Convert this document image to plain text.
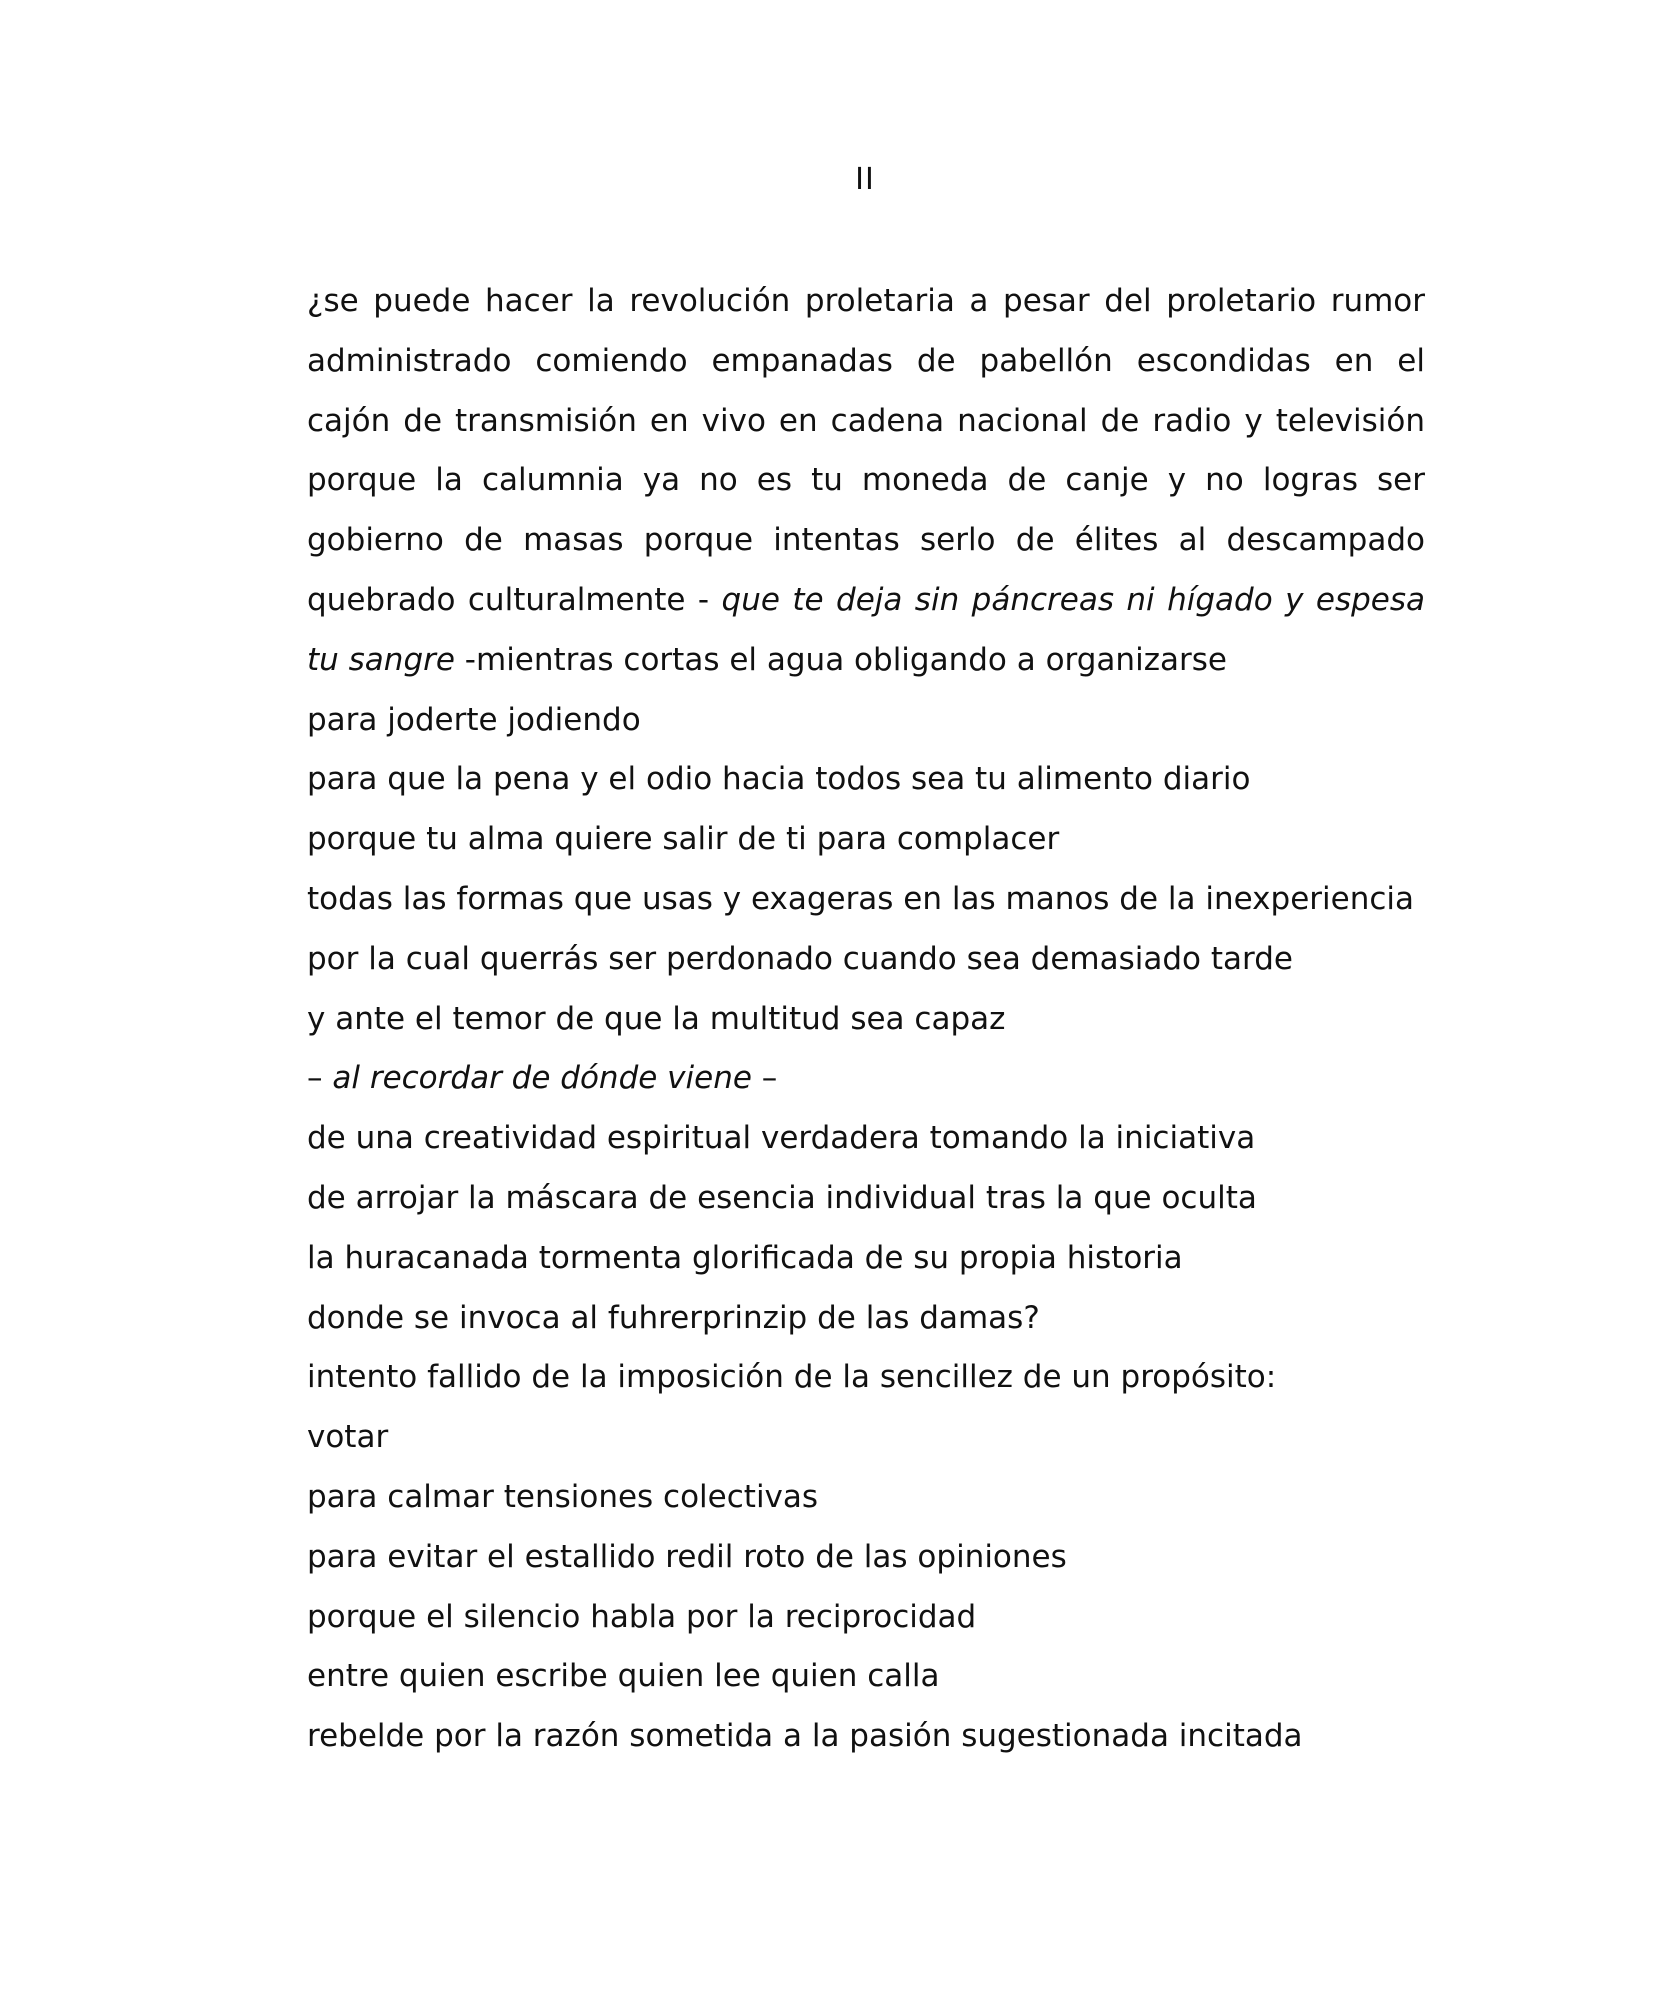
II
¿se puede hacer la revolución proletaria a pesar del proletario rumor
administrado comiendo empanadas de pabellón escondidas en el
cajón de transmisión en vivo en cadena nacional de radio y televisión
porque la calumnia ya no es tu moneda de canje y no logras ser
gobierno de masas porque intentas serlo de élites al descampado
quebrado culturalmente - que te deja sin páncreas ni hígado y espesa
tu sangre -mientras cortas el agua obligando a organizarse
para joderte jodiendo
para que la pena y el odio hacia todos sea tu alimento diario
porque tu alma quiere salir de ti para complacer
todas las formas que usas y exageras en las manos de la inexperiencia
por la cual querrás ser perdonado cuando sea demasiado tarde
y ante el temor de que la multitud sea capaz
– al recordar de dónde viene –
de una creatividad espiritual verdadera tomando la iniciativa
de arrojar la máscara de esencia individual tras la que oculta
la huracanada tormenta glorificada de su propia historia
donde se invoca al fuhrerprinzip de las damas?
intento fallido de la imposición de la sencillez de un propósito:
votar
para calmar tensiones colectivas
para evitar el estallido redil roto de las opiniones
porque el silencio habla por la reciprocidad
entre quien escribe quien lee quien calla
rebelde por la razón sometida a la pasión sugestionada incitada
